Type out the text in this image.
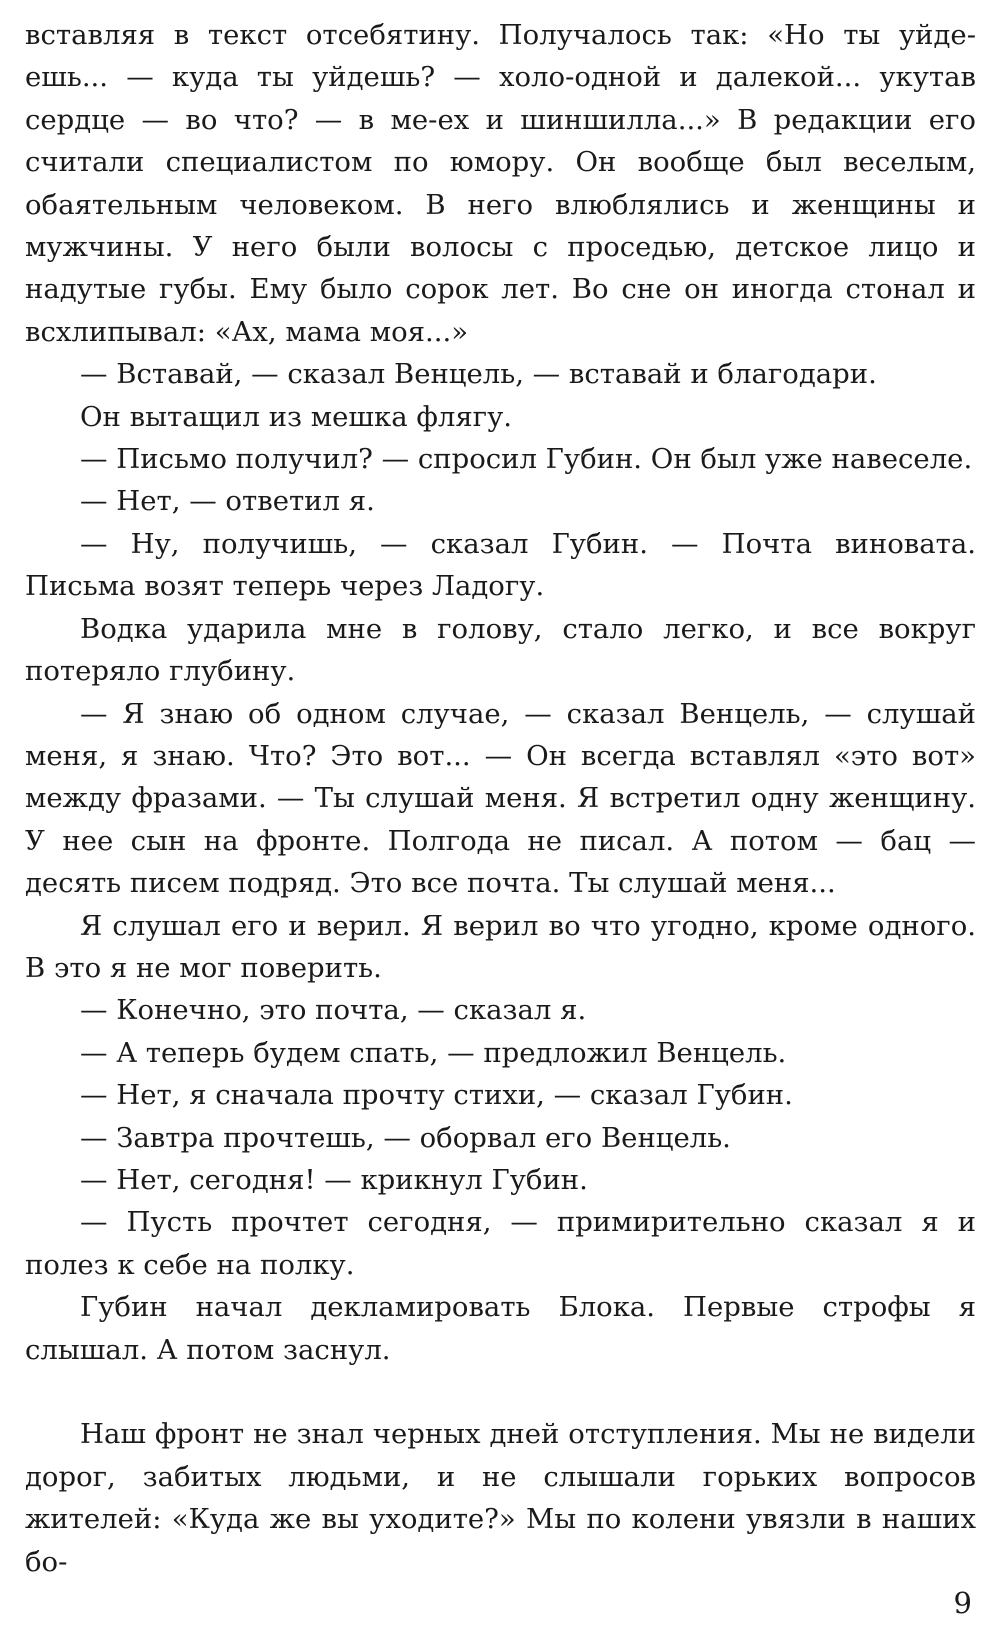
вставляя в текст отсебятину. Получалось так: «Но ты уйде-ешь... — куда ты уйдешь? — холо-одной и далекой... укутав сердце — во что? — в ме-ех и шиншилла...» В редакции его считали специалистом по юмору. Он вообще был веселым, обаятельным человеком. В него влюблялись и женщины и мужчины. У него были волосы с проседью, детское лицо и надутые губы. Ему было сорок лет. Во сне он иногда стонал и всхлипывал: «Ах, мама моя...»

— Вставай, — сказал Венцель, — вставай и благодари.

Он вытащил из мешка флягу.

— Письмо получил? — спросил Губин. Он был уже навеселе.

— Нет, — ответил я.

— Ну, получишь, — сказал Губин. — Почта виновата. Письма возят теперь через Ладогу.

Водка ударила мне в голову, стало легко, и все вокруг потеряло глубину.

— Я знаю об одном случае, — сказал Венцель, — слушай меня, я знаю. Что? Это вот... — Он всегда вставлял «это вот» между фразами. — Ты слушай меня. Я встретил одну женщину. У нее сын на фронте. Полгода не писал. А потом — бац — десять писем подряд. Это все почта. Ты слушай меня...

Я слушал его и верил. Я верил во что угодно, кроме одного. В это я не мог поверить.

— Конечно, это почта, — сказал я.

— А теперь будем спать, — предложил Венцель.

— Нет, я сначала прочту стихи, — сказал Губин.

— Завтра прочтешь, — оборвал его Венцель.

— Нет, сегодня! — крикнул Губин.

— Пусть прочтет сегодня, — примирительно сказал я и полез к себе на полку.

Губин начал декламировать Блока. Первые строфы я слышал. А потом заснул.

Наш фронт не знал черных дней отступления. Мы не видели дорог, забитых людьми, и не слышали горьких вопросов жителей: «Куда же вы уходите?» Мы по колени увязли в наших бо-

9
